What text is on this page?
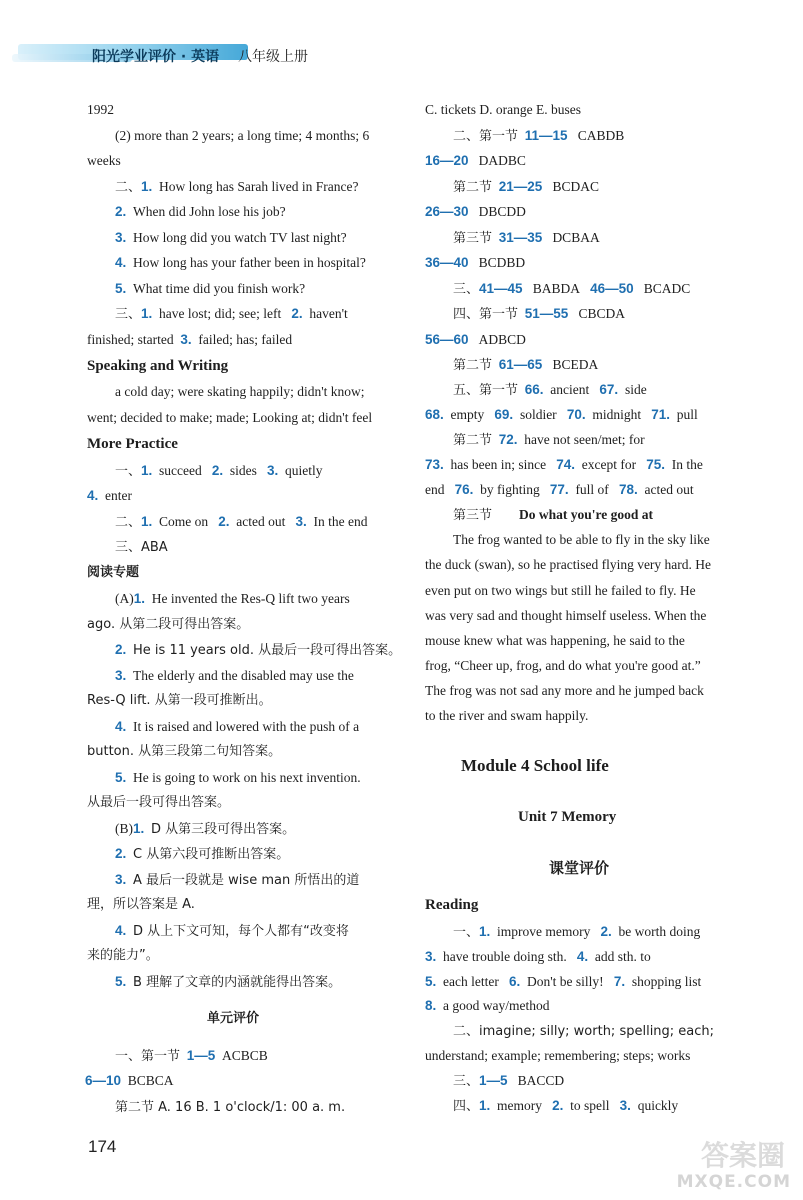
阳光学业评价 · 英语 八年级上册
1992
(2) more than 2 years; a long time; 4 months; 6
weeks
二、1. How long has Sarah lived in France?
2. When did John lose his job?
3. How long did you watch TV last night?
4. How long has your father been in hospital?
5. What time did you finish work?
三、1. have lost; did; see; left 2. haven't
finished; started 3. failed; has; failed
Speaking and Writing
a cold day; were skating happily; didn't know;
went; decided to make; made; Looking at; didn't feel
More Practice
一、1. succeed 2. sides 3. quietly
4. enter
二、1. Come on 2. acted out 3. In the end
三、ABA
阅读专题
(A)1. He invented the Res-Q lift two years
ago. 从第二段可得出答案。
2. He is 11 years old. 从最后一段可得出答案。
3. The elderly and the disabled may use the
Res-Q lift. 从第一段可推断出。
4. It is raised and lowered with the push of a
button. 从第三段第二句知答案。
5. He is going to work on his next invention.
从最后一段可得出答案。
(B)1. D 从第三段可得出答案。
2. C 从第六段可推断出答案。
3. A 最后一段就是 wise man 所悟出的道
理，所以答案是 A.
4. D 从上下文可知，每个人都有“改变将
来的能力”。
5. B 理解了文章的内涵就能得出答案。
单元评价
一、第一节 1—5 ACBCB
6—10 BCBCA
第二节 A. 16 B. 1 o'clock/1: 00 a. m.
C. tickets D. orange E. buses
二、第一节 11—15 CABDB
16—20 DADBC
第二节 21—25 BCDAC
26—30 DBCDD
第三节 31—35 DCBAA
36—40 BCDBD
三、41—45 BABDA 46—50 BCADC
四、第一节 51—55 CBCDA
56—60 ADBCD
第二节 61—65 BCEDA
五、第一节 66. ancient 67. side
68. empty 69. soldier 70. midnight 71. pull
第二节 72. have not seen/met; for
73. has been in; since 74. except for 75. In the
end 76. by fighting 77. full of 78. acted out
第三节 Do what you're good at
The frog wanted to be able to fly in the sky like
the duck (swan), so he practised flying very hard. He
even put on two wings but still he failed to fly. He
was very sad and thought himself useless. When the
mouse knew what was happening, he said to the
frog, “Cheer up, frog, and do what you're good at.”
The frog was not sad any more and he jumped back
to the river and swam happily.
Module 4 School life
Unit 7 Memory
课堂评价
Reading
一、1. improve memory 2. be worth doing
3. have trouble doing sth. 4. add sth. to
5. each letter 6. Don't be silly! 7. shopping list
8. a good way/method
二、imagine; silly; worth; spelling; each;
understand; example; remembering; steps; works
三、1—5 BACCD
四、1. memory 2. to spell 3. quickly
174	答案圈
MXQE.COM
